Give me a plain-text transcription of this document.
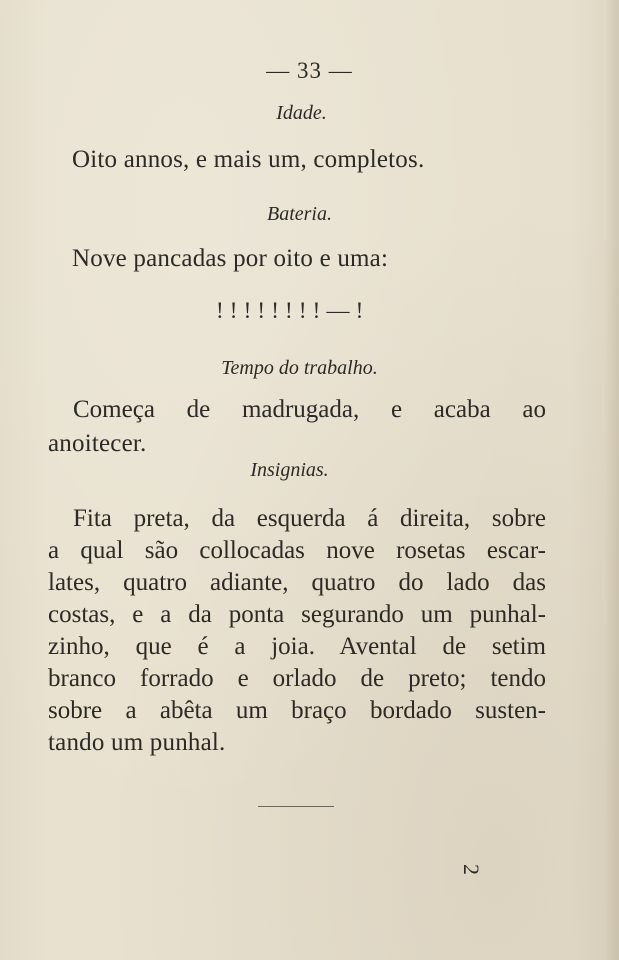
— 33 —
Idade.
Oito annos, e mais um, completos.
Bateria.
Nove pancadas por oito e uma:
! ! ! ! ! ! ! ! — !
Tempo do trabalho.
Começa de madrugada, e acaba ao
anoitecer.
Insignias.
Fita preta, da esquerda á direita, sobre
a qual são collocadas nove rosetas escar-
lates, quatro adiante, quatro do lado das
costas, e a da ponta segurando um punhal-
zinho, que é a joia. Avental de setim
branco forrado e orlado de preto; tendo
sobre a abêta um braço bordado susten-
tando um punhal.
2
